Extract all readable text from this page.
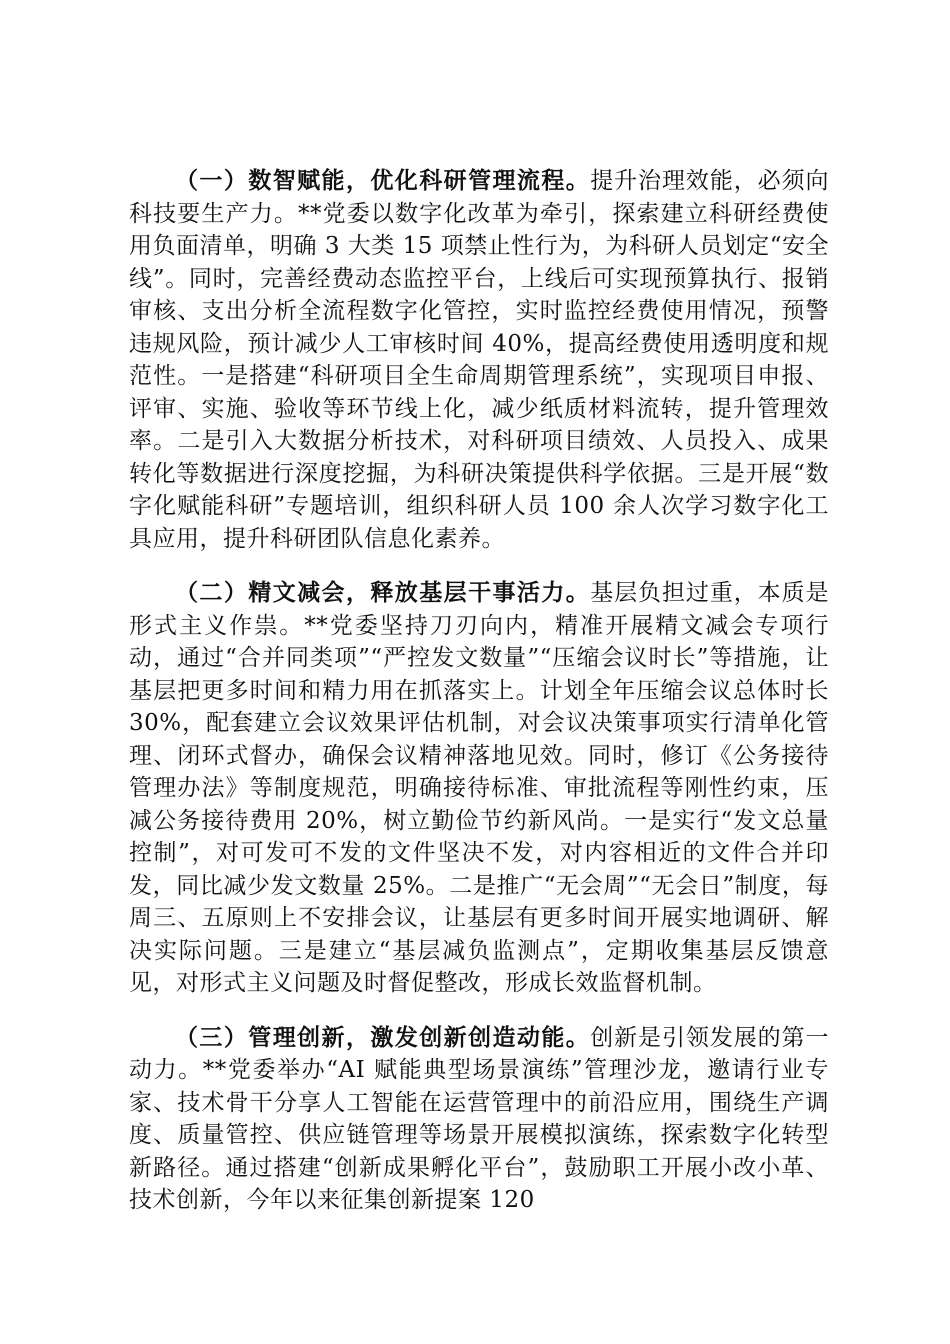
（一）数智赋能，优化科研管理流程。提升治理效能，必须向科技要生产力。**党委以数字化改革为牵引，探索建立科研经费使用负面清单，明确 3 大类 15 项禁止性行为，为科研人员划定“安全线”。同时，完善经费动态监控平台，上线后可实现预算执行、报销审核、支出分析全流程数字化管控，实时监控经费使用情况，预警违规风险，预计减少人工审核时间 40%，提高经费使用透明度和规范性。一是搭建“科研项目全生命周期管理系统”，实现项目申报、评审、实施、验收等环节线上化，减少纸质材料流转，提升管理效率。二是引入大数据分析技术，对科研项目绩效、人员投入、成果转化等数据进行深度挖掘，为科研决策提供科学依据。三是开展“数字化赋能科研”专题培训，组织科研人员 100 余人次学习数字化工具应用，提升科研团队信息化素养。

（二）精文减会，释放基层干事活力。基层负担过重，本质是形式主义作祟。**党委坚持刀刃向内，精准开展精文减会专项行动，通过“合并同类项”“严控发文数量”“压缩会议时长”等措施，让基层把更多时间和精力用在抓落实上。计划全年压缩会议总体时长 30%，配套建立会议效果评估机制，对会议决策事项实行清单化管理、闭环式督办，确保会议精神落地见效。同时，修订《公务接待管理办法》等制度规范，明确接待标准、审批流程等刚性约束，压减公务接待费用 20%，树立勤俭节约新风尚。一是实行“发文总量控制”，对可发可不发的文件坚决不发，对内容相近的文件合并印发，同比减少发文数量 25%。二是推广“无会周”“无会日”制度，每周三、五原则上不安排会议，让基层有更多时间开展实地调研、解决实际问题。三是建立“基层减负监测点”，定期收集基层反馈意见，对形式主义问题及时督促整改，形成长效监督机制。

（三）管理创新，激发创新创造动能。创新是引领发展的第一动力。**党委举办“AI 赋能典型场景演练”管理沙龙，邀请行业专家、技术骨干分享人工智能在运营管理中的前沿应用，围绕生产调度、质量管控、供应链管理等场景开展模拟演练，探索数字化转型新路径。通过搭建“创新成果孵化平台”，鼓励职工开展小改小革、技术创新，今年以来征集创新提案 120
